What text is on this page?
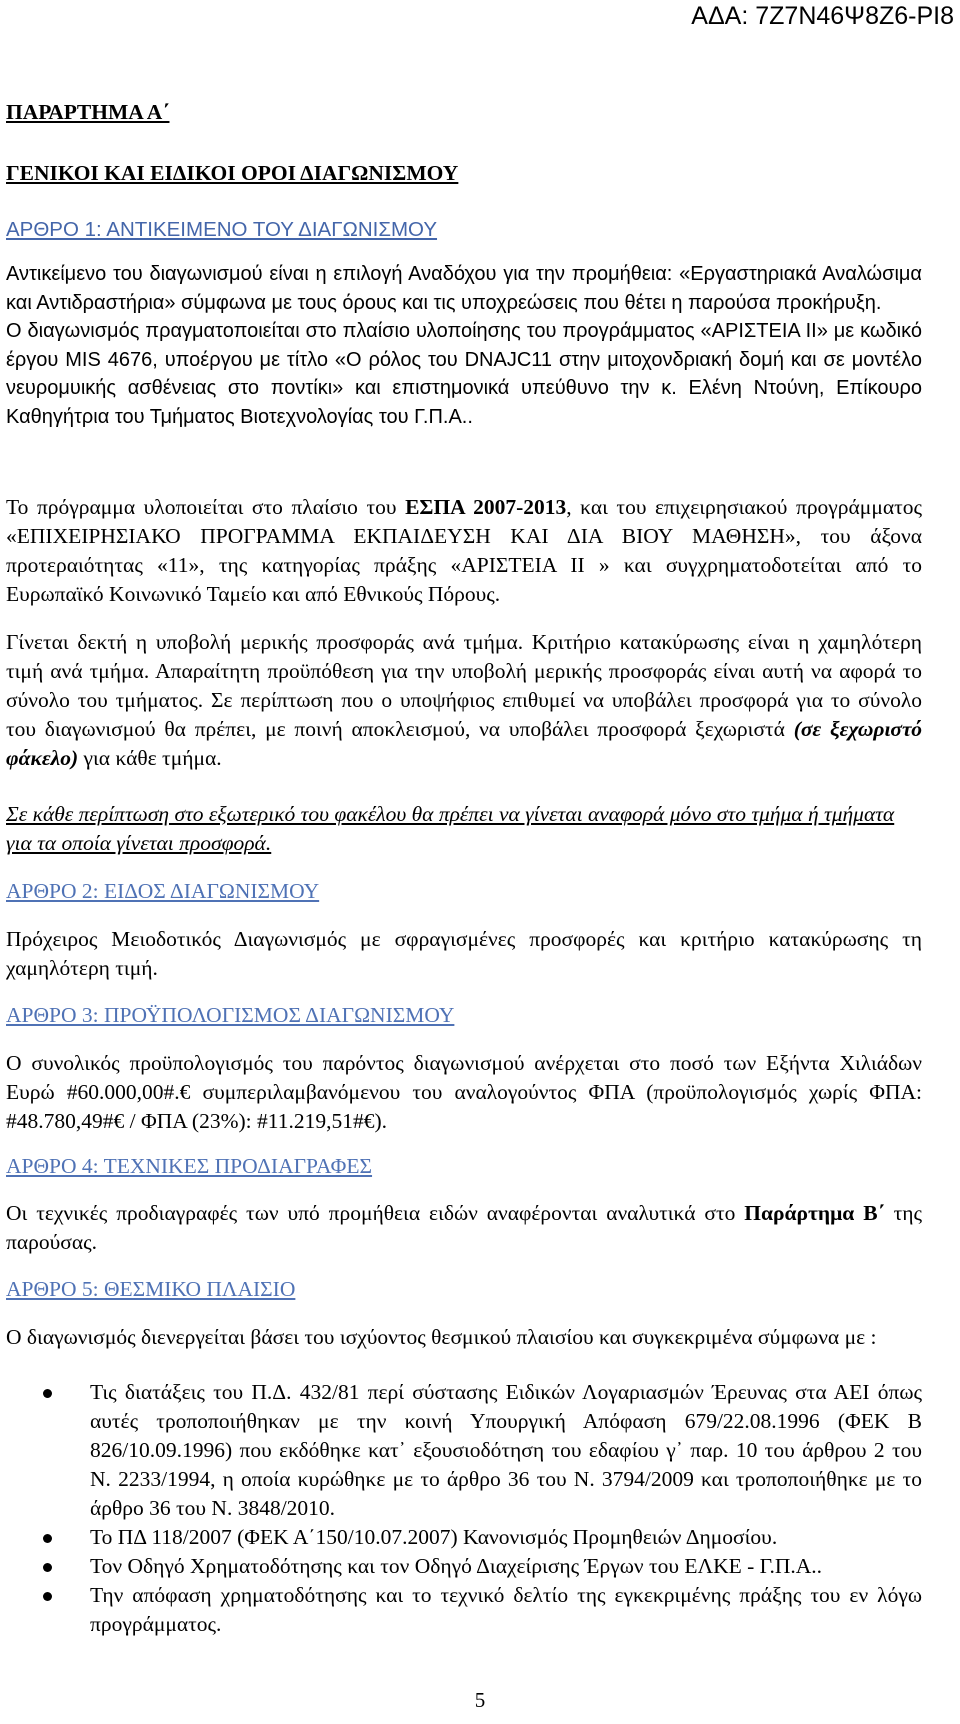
ΑΔΑ: 7Ζ7Ν46Ψ8Ζ6-ΡΙ8

ΠΑΡΑΡΤΗΜΑ Α΄

ΓΕΝΙΚΟΙ ΚΑΙ ΕΙΔΙΚΟΙ ΟΡΟΙ ΔΙΑΓΩΝΙΣΜΟΥ

ΑΡΘΡΟ 1: ΑΝΤΙΚΕΙΜΕΝΟ ΤΟΥ ΔΙΑΓΩΝΙΣΜΟΥ

Αντικείμενο του διαγωνισμού είναι η επιλογή Αναδόχου για την προμήθεια: «Εργαστηριακά Αναλώσιμα και Αντιδραστήρια» σύμφωνα με τους όρους και τις υποχρεώσεις που θέτει η παρούσα προκήρυξη.

Ο διαγωνισμός πραγματοποιείται στο πλαίσιο υλοποίησης του προγράμματος «ΑΡΙΣΤΕΙΑ ΙΙ» με κωδικό έργου MIS 4676, υποέργου με τίτλο «Ο ρόλος του DNAJC11 στην μιτοχονδριακή δομή και σε μοντέλο νευρομυικής ασθένειας στο ποντίκι» και επιστημονικά υπεύθυνο την κ. Ελένη Ντούνη, Επίκουρο Καθηγήτρια του Τμήματος Βιοτεχνολογίας του Γ.Π.Α..

Το πρόγραμμα υλοποιείται στο πλαίσιο του ΕΣΠΑ 2007-2013, και του επιχειρησιακού προγράμματος «ΕΠΙΧΕΙΡΗΣΙΑΚΟ ΠΡΟΓΡΑΜΜΑ ΕΚΠΑΙΔΕΥΣΗ ΚΑΙ ΔΙΑ ΒΙΟΥ ΜΑΘΗΣΗ», του άξονα προτεραιότητας «11», της κατηγορίας πράξης «ΑΡΙΣΤΕΙΑ ΙΙ » και συγχρηματοδοτείται από το Ευρωπαϊκό Κοινωνικό Ταμείο και από Εθνικούς Πόρους.

Γίνεται δεκτή η υποβολή μερικής προσφοράς ανά τμήμα. Κριτήριο κατακύρωσης είναι η χαμηλότερη τιμή ανά τμήμα. Απαραίτητη προϋπόθεση για την υποβολή μερικής προσφοράς είναι αυτή να αφορά το σύνολο του τμήματος. Σε περίπτωση που ο υποψήφιος επιθυμεί να υποβάλει προσφορά για το σύνολο του διαγωνισμού θα πρέπει, με ποινή αποκλεισμού, να υποβάλει προσφορά ξεχωριστά (σε ξεχωριστό φάκελο) για κάθε τμήμα.

Σε κάθε περίπτωση στο εξωτερικό του φακέλου θα πρέπει να γίνεται αναφορά μόνο στο τμήμα ή τμήματα για τα οποία γίνεται προσφορά.

ΑΡΘΡΟ 2: ΕΙΔΟΣ ΔΙΑΓΩΝΙΣΜΟΥ

Πρόχειρος Μειοδοτικός Διαγωνισμός με σφραγισμένες προσφορές και κριτήριο κατακύρωσης τη χαμηλότερη τιμή.

ΑΡΘΡΟ 3: ΠΡΟΫΠΟΛΟΓΙΣΜΟΣ ΔΙΑΓΩΝΙΣΜΟΥ

Ο συνολικός προϋπολογισμός του παρόντος διαγωνισμού ανέρχεται στο ποσό των Εξήντα Χιλιάδων Ευρώ #60.000,00#.€ συμπεριλαμβανόμενου του αναλογούντος ΦΠΑ (προϋπολογισμός χωρίς ΦΠΑ: #48.780,49#€ / ΦΠΑ (23%): #11.219,51#€).

ΑΡΘΡΟ 4: ΤΕΧΝΙΚΕΣ ΠΡΟΔΙΑΓΡΑΦΕΣ

Οι τεχνικές προδιαγραφές των υπό προμήθεια ειδών αναφέρονται αναλυτικά στο Παράρτημα Β΄ της παρούσας.

ΑΡΘΡΟ 5: ΘΕΣΜΙΚΟ ΠΛΑΙΣΙΟ

Ο διαγωνισμός διενεργείται βάσει του ισχύοντος θεσμικού πλαισίου και συγκεκριμένα σύμφωνα με :

Τις διατάξεις του Π.Δ. 432/81 περί σύστασης Ειδικών Λογαριασμών Έρευνας στα ΑΕΙ όπως αυτές τροποποιήθηκαν με την κοινή Υπουργική Απόφαση 679/22.08.1996 (ΦΕΚ Β 826/10.09.1996) που εκδόθηκε κατ᾽ εξουσιοδότηση του εδαφίου γ᾽ παρ. 10 του άρθρου 2 του Ν. 2233/1994, η οποία κυρώθηκε με το άρθρο 36 του Ν. 3794/2009 και τροποποιήθηκε με το άρθρο 36 του Ν. 3848/2010.
Το ΠΔ 118/2007 (ΦΕΚ Α΄150/10.07.2007) Κανονισμός Προμηθειών Δημοσίου.
Τον Οδηγό Χρηματοδότησης και τον Οδηγό Διαχείρισης Έργων του ΕΛΚΕ - Γ.Π.Α..
Την απόφαση χρηματοδότησης και το τεχνικό δελτίο της εγκεκριμένης πράξης του εν λόγω προγράμματος.
5
